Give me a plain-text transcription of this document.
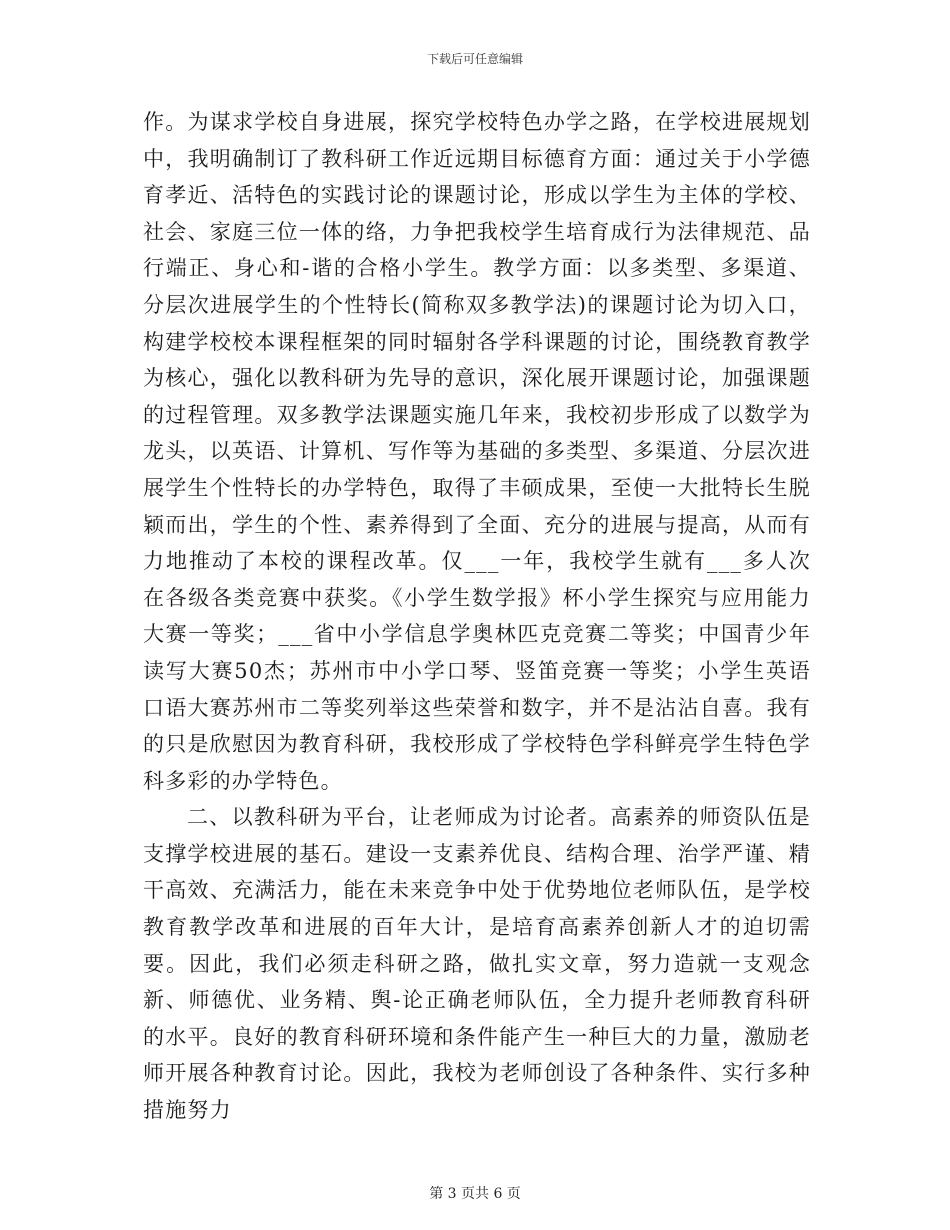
下载后可任意编辑

作。为谋求学校自身进展，探究学校特色办学之路，在学校进展规划中，我明确制订了教科研工作近远期目标德育方面：通过关于小学德育孝近、活特色的实践讨论的课题讨论，形成以学生为主体的学校、社会、家庭三位一体的络，力争把我校学生培育成行为法律规范、品行端正、身心和-谐的合格小学生。教学方面：以多类型、多渠道、分层次进展学生的个性特长(简称双多教学法)的课题讨论为切入口，构建学校校本课程框架的同时辐射各学科课题的讨论，围绕教育教学为核心，强化以教科研为先导的意识，深化展开课题讨论，加强课题的过程管理。双多教学法课题实施几年来，我校初步形成了以数学为龙头，以英语、计算机、写作等为基础的多类型、多渠道、分层次进展学生个性特长的办学特色，取得了丰硕成果，至使一大批特长生脱颖而出，学生的个性、素养得到了全面、充分的进展与提高，从而有力地推动了本校的课程改革。仅___一年，我校学生就有___多人次在各级各类竞赛中获奖。《小学生数学报》杯小学生探究与应用能力大赛一等奖；___省中小学信息学奥林匹克竞赛二等奖；中国青少年读写大赛50杰；苏州市中小学口琴、竖笛竞赛一等奖；小学生英语口语大赛苏州市二等奖列举这些荣誉和数字，并不是沾沾自喜。我有的只是欣慰因为教育科研，我校形成了学校特色学科鲜亮学生特色学科多彩的办学特色。

二、以教科研为平台，让老师成为讨论者。高素养的师资队伍是支撑学校进展的基石。建设一支素养优良、结构合理、治学严谨、精干高效、充满活力，能在未来竞争中处于优势地位老师队伍，是学校教育教学改革和进展的百年大计，是培育高素养创新人才的迫切需要。因此，我们必须走科研之路，做扎实文章，努力造就一支观念新、师德优、业务精、舆-论正确老师队伍，全力提升老师教育科研的水平。良好的教育科研环境和条件能产生一种巨大的力量，激励老师开展各种教育讨论。因此，我校为老师创设了各种条件、实行多种措施努力

第 3 页共 6 页
